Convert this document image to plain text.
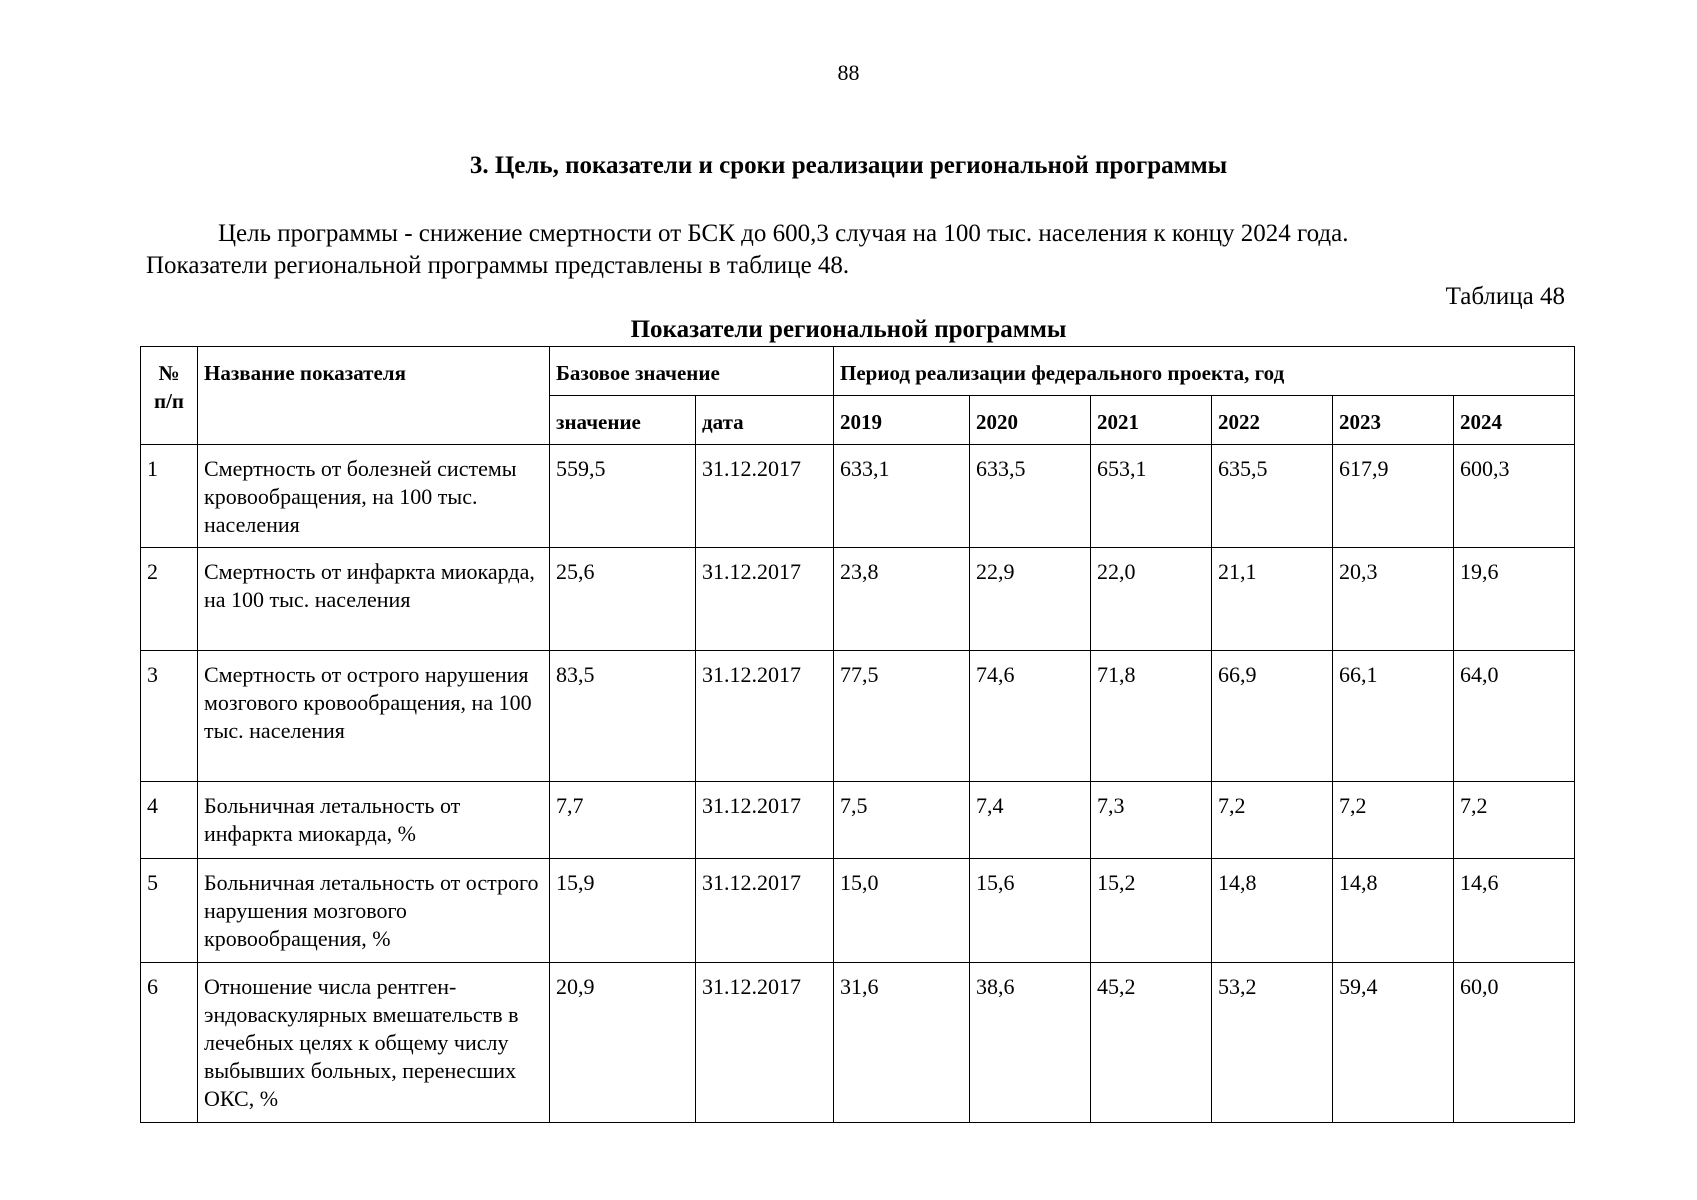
88
3. Цель, показатели и сроки реализации региональной программы
Цель программы - снижение смертности от БСК до 600,3 случая на 100 тыс. населения к концу 2024 года.
Показатели региональной программы представлены в таблице 48.
Таблица 48
Показатели региональной программы
№ п/п	Название показателя	Базовое значение		Период реализации федерального проекта, год					
		значение	дата	2019	2020	2021	2022	2023	2024
1	Смертность от болезней системы кровообращения, на 100 тыс. населения	559,5	31.12.2017	633,1	633,5	653,1	635,5	617,9	600,3
2	Смертность от инфаркта миокарда, на 100 тыс. населения	25,6	31.12.2017	23,8	22,9	22,0	21,1	20,3	19,6
3	Смертность от острого нарушения мозгового кровообращения, на 100 тыс. населения	83,5	31.12.2017	77,5	74,6	71,8	66,9	66,1	64,0
4	Больничная летальность от инфаркта миокарда, %	7,7	31.12.2017	7,5	7,4	7,3	7,2	7,2	7,2
5	Больничная летальность от острого нарушения мозгового кровообращения, %	15,9	31.12.2017	15,0	15,6	15,2	14,8	14,8	14,6
6	Отношение числа рентген-эндоваскулярных вмешательств в лечебных целях к общему числу выбывших больных, перенесших ОКС, %	20,9	31.12.2017	31,6	38,6	45,2	53,2	59,4	60,0
